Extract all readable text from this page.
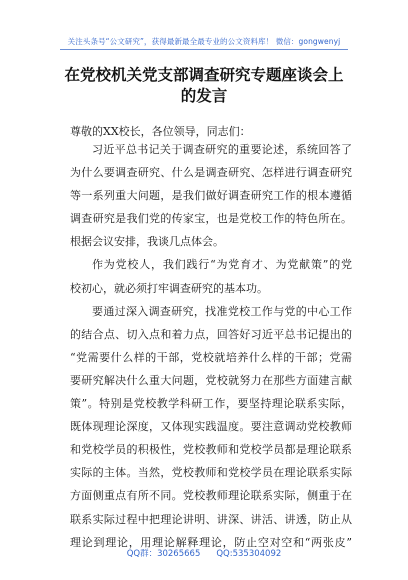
关注头条号“公文研究”，获得最新最全最专业的公文资料库！ 微信：gongwenyj
在党校机关党支部调查研究专题座谈会上
的发言
尊敬的XX校长，各位领导，同志们：
习近平总书记关于调查研究的重要论述，系统回答了
为什么要调查研究、什么是调查研究、怎样进行调查研究
等一系列重大问题，是我们做好调查研究工作的根本遵循
调查研究是我们党的传家宝，也是党校工作的特色所在。
根据会议安排，我谈几点体会。
作为党校人，我们践行“为党育才、为党献策”的党
校初心，就必须打牢调查研究的基本功。
要通过深入调查研究，找准党校工作与党的中心工作
的结合点、切入点和着力点，回答好习近平总书记提出的
“党需要什么样的干部，党校就培养什么样的干部；党需
要研究解决什么重大问题，党校就努力在那些方面建言献
策”。特别是党校教学科研工作，要坚持理论联系实际，
既体现理论深度，又体现实践温度。要注意调动党校教师
和党校学员的积极性，党校教师和党校学员都是理论联系
实际的主体。当然，党校教师和党校学员在理论联系实际
方面侧重点有所不同。党校教师理论联系实际，侧重于在
联系实际过程中把理论讲明、讲深、讲活、讲透，防止从
理论到理论，用理论解释理论，防止空对空和“两张皮”
QQ群：30265665 QQ:535304092
